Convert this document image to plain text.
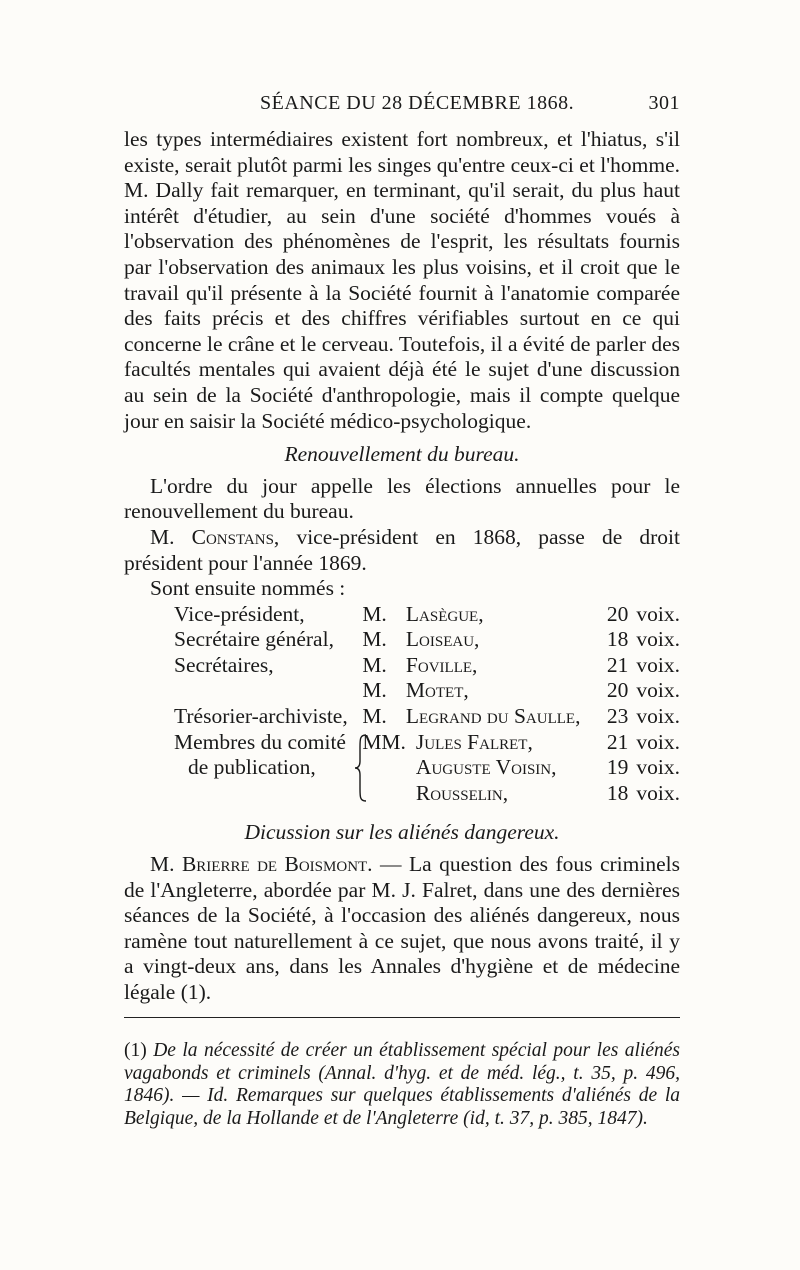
SÉANCE DU 28 DÉCEMBRE 1868.	301

les types intermédiaires existent fort nombreux, et l'hiatus, s'il existe, serait plutôt parmi les singes qu'entre ceux-ci et l'homme. M. Dally fait remarquer, en terminant, qu'il serait, du plus haut intérêt d'étudier, au sein d'une société d'hommes voués à l'observation des phénomènes de l'esprit, les résultats fournis par l'observation des animaux les plus voisins, et il croit que le travail qu'il présente à la Société fournit à l'anatomie comparée des faits précis et des chiffres vérifiables surtout en ce qui concerne le crâne et le cerveau. Toutefois, il a évité de parler des facultés mentales qui avaient déjà été le sujet d'une discussion au sein de la Société d'anthropologie, mais il compte quelque jour en saisir la Société médico-psychologique.

Renouvellement du bureau.

L'ordre du jour appelle les élections annuelles pour le renouvellement du bureau.

M. Constans, vice-président en 1868, passe de droit président pour l'année 1869.

Sont ensuite nommés :

Vice-président,	M.	Lasègue,	20	voix.
Secrétaire général,	M.	Loiseau,	18	voix.
Secrétaires,	M.	Foville,	21	voix.
	M.	Motet,	20	voix.
Trésorier-archiviste,	M.	Legrand du Saulle,	23	voix.
Membres du comité	MM.	Jules Falret,	21	voix.
de publication,		Auguste Voisin,	19	voix.
		Rousselin,	18	voix.

Dicussion sur les aliénés dangereux.

M. Brierre de Boismont. — La question des fous criminels de l'Angleterre, abordée par M. J. Falret, dans une des dernières séances de la Société, à l'occasion des aliénés dangereux, nous ramène tout naturellement à ce sujet, que nous avons traité, il y a vingt-deux ans, dans les Annales d'hygiène et de médecine légale (1).

(1) De la nécessité de créer un établissement spécial pour les aliénés vagabonds et criminels (Annal. d'hyg. et de méd. lég., t. 35, p. 496, 1846). — Id. Remarques sur quelques établissements d'aliénés de la Belgique, de la Hollande et de l'Angleterre (id, t. 37, p. 385, 1847).
